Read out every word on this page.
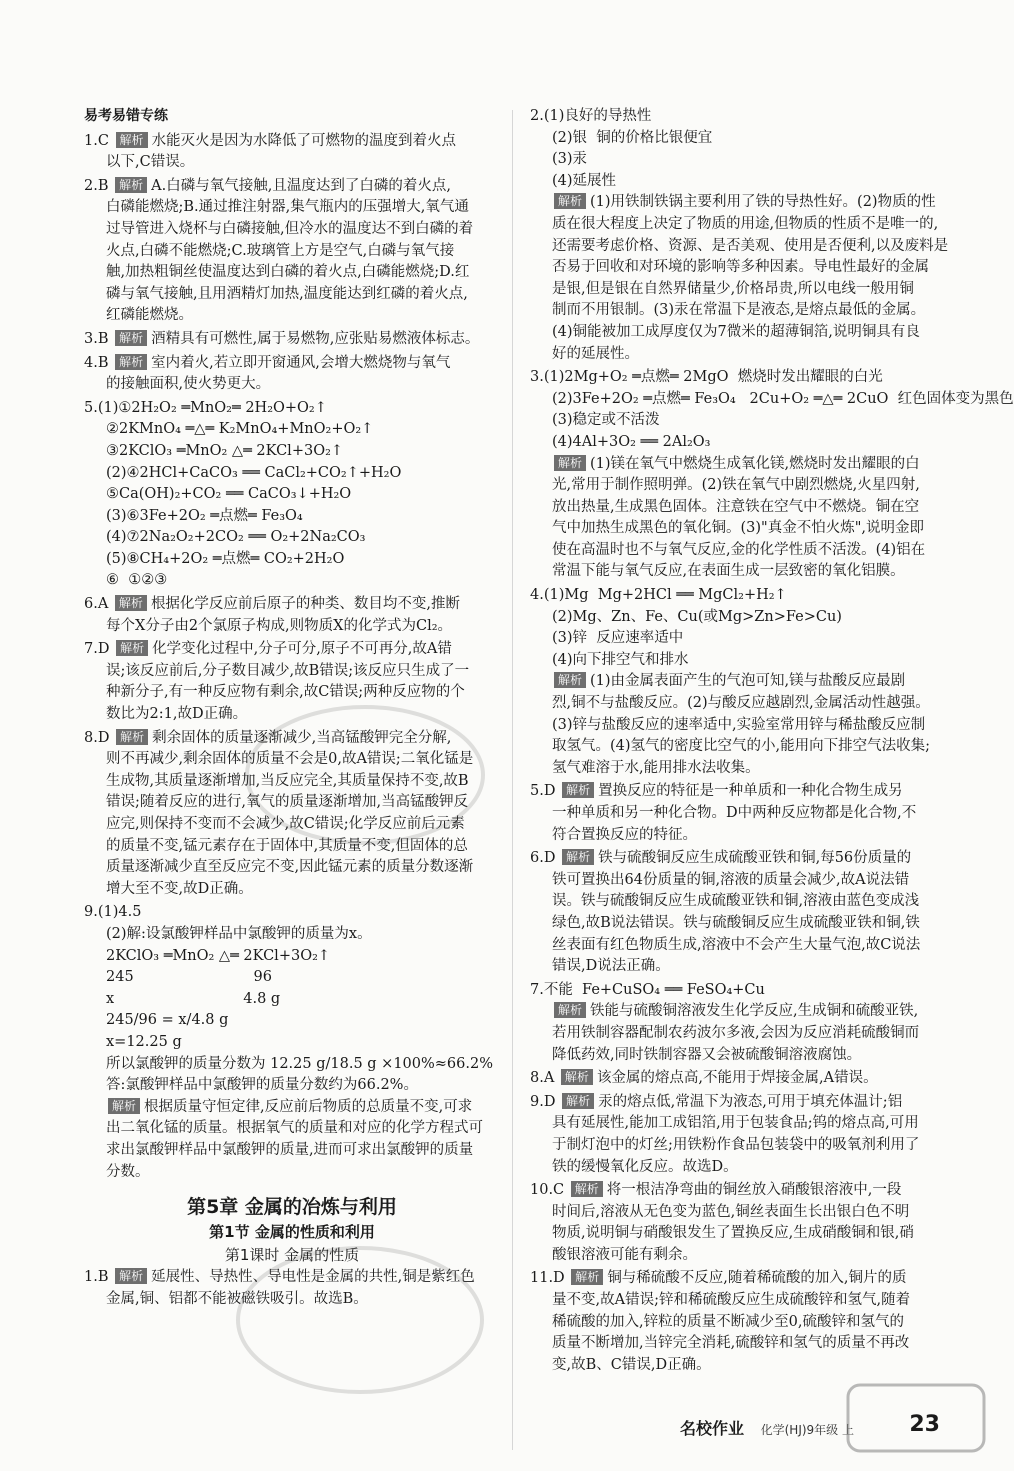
易考易错专练
1.C 解析 水能灭火是因为水降低了可燃物的温度到着火点
以下,C错误。
2.B 解析 A.白磷与氧气接触,且温度达到了白磷的着火点,
白磷能燃烧;B.通过推注射器,集气瓶内的压强增大,氧气通
过导管进入烧杯与白磷接触,但冷水的温度达不到白磷的着
火点,白磷不能燃烧;C.玻璃管上方是空气,白磷与氧气接
触,加热粗铜丝使温度达到白磷的着火点,白磷能燃烧;D.红
磷与氧气接触,且用酒精灯加热,温度能达到红磷的着火点,
红磷能燃烧。
3.B 解析 酒精具有可燃性,属于易燃物,应张贴易燃液体标志。
4.B 解析 室内着火,若立即开窗通风,会增大燃烧物与氧气
的接触面积,使火势更大。
5.(1)①2H₂O₂ ═MnO₂═ 2H₂O+O₂↑
②2KMnO₄ ═△═ K₂MnO₄+MnO₂+O₂↑
③2KClO₃ ═MnO₂ △═ 2KCl+3O₂↑
(2)④2HCl+CaCO₃ ══ CaCl₂+CO₂↑+H₂O
⑤Ca(OH)₂+CO₂ ══ CaCO₃↓+H₂O
(3)⑥3Fe+2O₂ ═点燃═ Fe₃O₄
(4)⑦2Na₂O₂+2CO₂ ══ O₂+2Na₂CO₃
(5)⑧CH₄+2O₂ ═点燃═ CO₂+2H₂O
⑥  ①②③
6.A 解析 根据化学反应前后原子的种类、数目均不变,推断
每个X分子由2个氯原子构成,则物质X的化学式为Cl₂。
7.D 解析 化学变化过程中,分子可分,原子不可再分,故A错
误;该反应前后,分子数目减少,故B错误;该反应只生成了一
种新分子,有一种反应物有剩余,故C错误;两种反应物的个
数比为2:1,故D正确。
8.D 解析 剩余固体的质量逐渐减少,当高锰酸钾完全分解,
则不再减少,剩余固体的质量不会是0,故A错误;二氧化锰是
生成物,其质量逐渐增加,当反应完全,其质量保持不变,故B
错误;随着反应的进行,氧气的质量逐渐增加,当高锰酸钾反
应完,则保持不变而不会减少,故C错误;化学反应前后元素
的质量不变,锰元素存在于固体中,其质量不变,但固体的总
质量逐渐减少直至反应完不变,因此锰元素的质量分数逐渐
增大至不变,故D正确。
9.(1)4.5
(2)解:设氯酸钾样品中氯酸钾的质量为x。
2KClO₃ ═MnO₂ △═ 2KCl+3O₂↑
245                          96
x                            4.8 g
245/96 = x/4.8 g
x=12.25 g
所以氯酸钾的质量分数为 12.25 g/18.5 g ×100%≈66.2%
答:氯酸钾样品中氯酸钾的质量分数约为66.2%。
解析 根据质量守恒定律,反应前后物质的总质量不变,可求
出二氧化锰的质量。根据氧气的质量和对应的化学方程式可
求出氯酸钾样品中氯酸钾的质量,进而可求出氯酸钾的质量
分数。
第5章 金属的冶炼与利用
第1节 金属的性质和利用
第1课时 金属的性质
1.B 解析 延展性、导热性、导电性是金属的共性,铜是紫红色
金属,铜、铝都不能被磁铁吸引。故选B。
2.(1)良好的导热性
(2)银  铜的价格比银便宜
(3)汞
(4)延展性
解析 (1)用铁制铁锅主要利用了铁的导热性好。(2)物质的性
质在很大程度上决定了物质的用途,但物质的性质不是唯一的,
还需要考虑价格、资源、是否美观、使用是否便利,以及废料是
否易于回收和对环境的影响等多种因素。导电性最好的金属
是银,但是银在自然界储量少,价格昂贵,所以电线一般用铜
制而不用银制。(3)汞在常温下是液态,是熔点最低的金属。
(4)铜能被加工成厚度仅为7微米的超薄铜箔,说明铜具有良
好的延展性。
3.(1)2Mg+O₂ ═点燃═ 2MgO  燃烧时发出耀眼的白光
(2)3Fe+2O₂ ═点燃═ Fe₃O₄   2Cu+O₂ ═△═ 2CuO  红色固体变为黑色
(3)稳定或不活泼
(4)4Al+3O₂ ══ 2Al₂O₃
解析 (1)镁在氧气中燃烧生成氧化镁,燃烧时发出耀眼的白
光,常用于制作照明弹。(2)铁在氧气中剧烈燃烧,火星四射,
放出热量,生成黑色固体。注意铁在空气中不燃烧。铜在空
气中加热生成黑色的氧化铜。(3)"真金不怕火炼",说明金即
使在高温时也不与氧气反应,金的化学性质不活泼。(4)铝在
常温下能与氧气反应,在表面生成一层致密的氧化铝膜。
4.(1)Mg  Mg+2HCl ══ MgCl₂+H₂↑
(2)Mg、Zn、Fe、Cu(或Mg>Zn>Fe>Cu)
(3)锌  反应速率适中
(4)向下排空气和排水
解析 (1)由金属表面产生的气泡可知,镁与盐酸反应最剧
烈,铜不与盐酸反应。(2)与酸反应越剧烈,金属活动性越强。
(3)锌与盐酸反应的速率适中,实验室常用锌与稀盐酸反应制
取氢气。(4)氢气的密度比空气的小,能用向下排空气法收集;
氢气难溶于水,能用排水法收集。
5.D 解析 置换反应的特征是一种单质和一种化合物生成另
一种单质和另一种化合物。D中两种反应物都是化合物,不
符合置换反应的特征。
6.D 解析 铁与硫酸铜反应生成硫酸亚铁和铜,每56份质量的
铁可置换出64份质量的铜,溶液的质量会减少,故A说法错
误。铁与硫酸铜反应生成硫酸亚铁和铜,溶液由蓝色变成浅
绿色,故B说法错误。铁与硫酸铜反应生成硫酸亚铁和铜,铁
丝表面有红色物质生成,溶液中不会产生大量气泡,故C说法
错误,D说法正确。
7.不能  Fe+CuSO₄ ══ FeSO₄+Cu
解析 铁能与硫酸铜溶液发生化学反应,生成铜和硫酸亚铁,
若用铁制容器配制农药波尔多液,会因为反应消耗硫酸铜而
降低药效,同时铁制容器又会被硫酸铜溶液腐蚀。
8.A 解析 该金属的熔点高,不能用于焊接金属,A错误。
9.D 解析 汞的熔点低,常温下为液态,可用于填充体温计;铝
具有延展性,能加工成铝箔,用于包装食品;钨的熔点高,可用
于制灯泡中的灯丝;用铁粉作食品包装袋中的吸氧剂利用了
铁的缓慢氧化反应。故选D。
10.C 解析 将一根洁净弯曲的铜丝放入硝酸银溶液中,一段
时间后,溶液从无色变为蓝色,铜丝表面生长出银白色不明
物质,说明铜与硝酸银发生了置换反应,生成硝酸铜和银,硝
酸银溶液可能有剩余。
11.D 解析 铜与稀硫酸不反应,随着稀硫酸的加入,铜片的质
量不变,故A错误;锌和稀硫酸反应生成硫酸锌和氢气,随着
稀硫酸的加入,锌粒的质量不断减少至0,硫酸锌和氢气的
质量不断增加,当锌完全消耗,硫酸锌和氢气的质量不再改
变,故B、C错误,D正确。
名校作业 化学(HJ)9年级 上	23
